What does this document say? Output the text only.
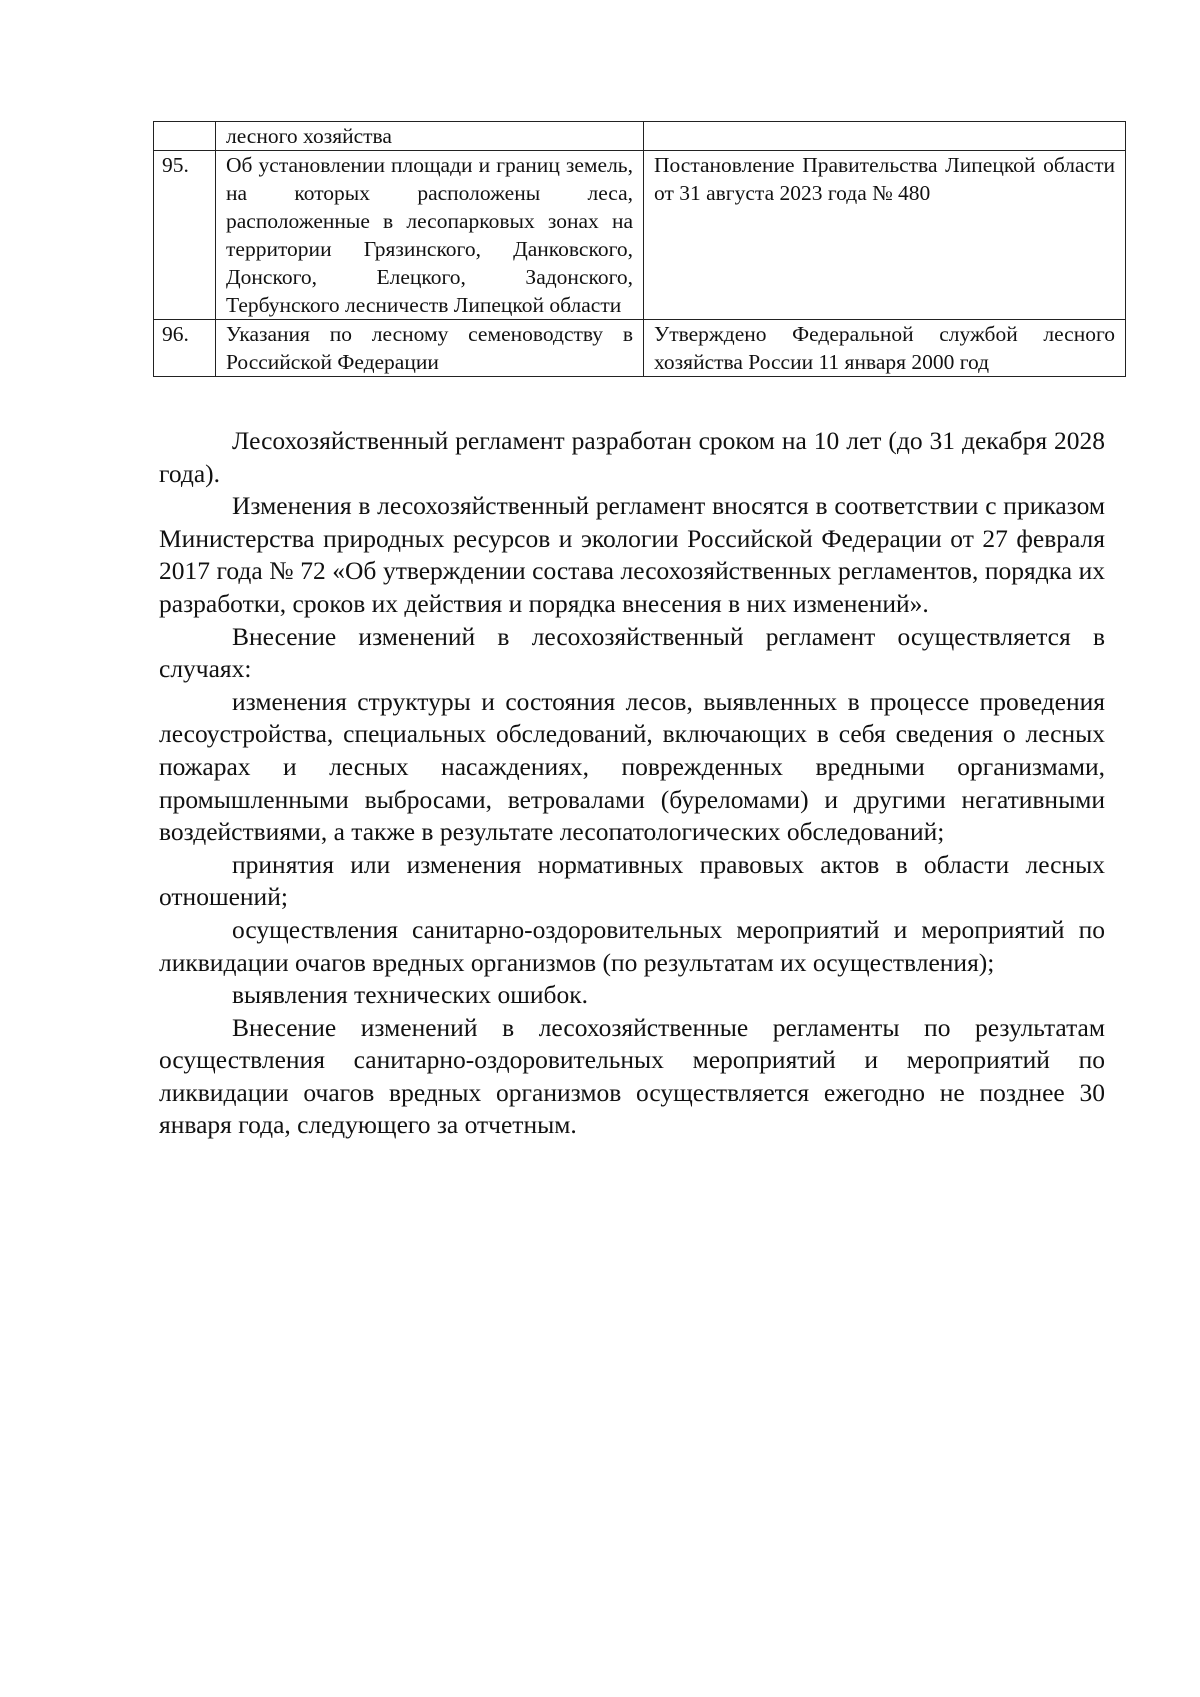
	лесного хозяйства	
95.	Об установлении площади и границ земель, на которых расположены леса, расположенные в лесопарковых зонах на территории Грязинского, Данковского, Донского, Елецкого, Задонского, Тербунского лесничеств Липецкой области	Постановление Правительства Липецкой области от 31 августа 2023 года № 480
96.	Указания по лесному семеноводству в Российской Федерации	Утверждено Федеральной службой лесного хозяйства России 11 января 2000 год

Лесохозяйственный регламент разработан сроком на 10 лет (до 31 декабря 2028 года).

Изменения в лесохозяйственный регламент вносятся в соответствии с приказом Министерства природных ресурсов и экологии Российской Федерации от 27 февраля 2017 года № 72 «Об утверждении состава лесохозяйственных регламентов, порядка их разработки, сроков их действия и порядка внесения в них изменений».

Внесение изменений в лесохозяйственный регламент осуществляется в случаях:

изменения структуры и состояния лесов, выявленных в процессе проведения лесоустройства, специальных обследований, включающих в себя сведения о лесных пожарах и лесных насаждениях, поврежденных вредными организмами, промышленными выбросами, ветровалами (буреломами) и другими негативными воздействиями, а также в результате лесопатологических обследований;

принятия или изменения нормативных правовых актов в области лесных отношений;

осуществления санитарно-оздоровительных мероприятий и мероприятий по ликвидации очагов вредных организмов (по результатам их осуществления);

выявления технических ошибок.

Внесение изменений в лесохозяйственные регламенты по результатам осуществления санитарно-оздоровительных мероприятий и мероприятий по ликвидации очагов вредных организмов осуществляется ежегодно не позднее 30 января года, следующего за отчетным.
